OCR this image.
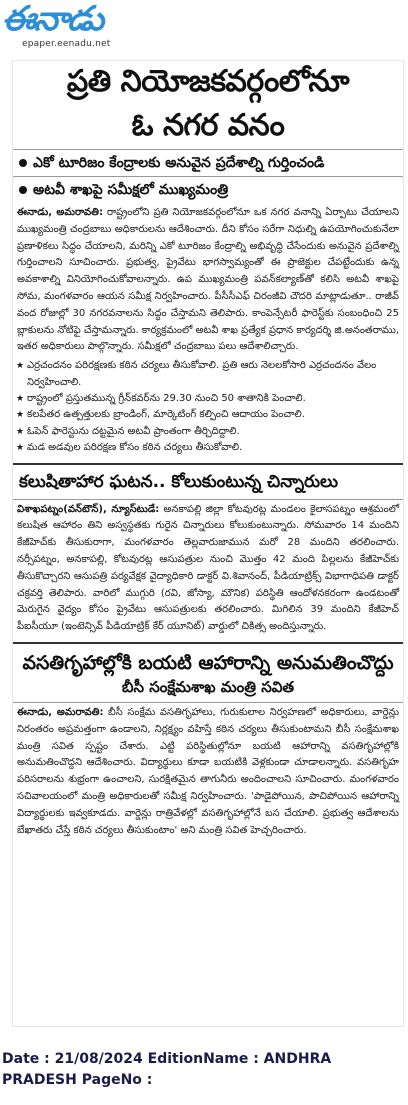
ఈనాడు
epaper.eenadu.net
ప్రతి నియోజకవర్గంలోనూ
ఓ నగర వనం
ఎకో టూరిజం కేంద్రాలకు అనువైన ప్రదేశాల్ని గుర్తించండి
అటవీ శాఖపై సమీక్షలో ముఖ్యమంత్రి
ఈనాడు, అమరావతి: రాష్ట్రంలోని ప్రతి నియోజకవర్గంలోనూ ఒక నగర వనాన్ని ఏర్పాటు చేయాలని ముఖ్యమంత్రి చంద్రబాబు అధికారులను ఆదేశించారు. దీని కోసం సరేగా నిధుల్ని ఉపయోగించుకునేలా ప్రణాళికలు సిద్ధం చేయాలని, మరిన్ని ఎకో టూరిజం కేంద్రాల్ని అభివృద్ధి చేసేందుకు అనువైన ప్రదేశాల్ని గుర్తించాలని సూచించారు. ప్రభుత్వ, ప్రైవేటు భాగస్వామ్యంతో ఈ ప్రాజెక్టుల చేపట్టేందుకు ఉన్న అవకాశాల్ని వినియోగించుకోవాలన్నారు. ఉప ముఖ్యమంత్రి పవన్‌కల్యాణ్‌తో కలిసి అటవీ శాఖపై సోమ, మంగళవారం ఆయన సమీక్ష నిర్వహించారు. పీసీసీఎఫ్ చిరంజీవి చౌదరి మాట్లాడుతూ.. రాజీవ్ వంద రోజుల్లో 30 నగరవనాలను సిద్ధం చేస్తామని తెలిపారు. కాంపెన్సేటరీ ఫారెస్ట్‌కు సంబంధించి 25 బ్లాకులను నోటిఫై చేస్తామన్నారు. కార్యక్రమంలో అటవీ శాఖ ప్రత్యేక ప్రధాన కార్యదర్శి జి.అనంతరాము, ఇతర అధికారులు పాల్గొన్నారు. సమీక్షలో చంద్రబాబు పలు ఆదేశాలిచ్చారు.
★ ఎర్రచందనం పరిరక్షణకు కఠిన చర్యలు తీసుకోవాలి. ప్రతి ఆరు నెలలకోసారి ఎర్రచందనం వేలం నిర్వహించాలి.
★ రాష్ట్రంలో ప్రస్తుతమున్న గ్రీన్‌కవర్‌ను 29.30 నుంచి 50 శాతానికి పెంచాలి.
★ కలపేతర ఉత్పత్తులకు బ్రాండింగ్, మార్కెటింగ్ కల్పించి ఆదాయం పెంచాలి.
★ ఓపెన్ ఫారెస్టును దట్టమైన అటవీ ప్రాంతంగా తీర్చిదిద్దాలి.
★ మడ అడవుల పరిరక్షణ కోసం కఠిన చర్యలు తీసుకోవాలి.
కలుషితాహార ఘటన.. కోలుకుంటున్న చిన్నారులు
విశాఖపట్నం(వన్‌టౌన్), న్యూస్‌టుడే: అనకాపల్లి జిల్లా కోటవురట్ల మండలం కైలాసపట్నం ఆశ్రమంలో కలుషిత ఆహారం తిని అస్వస్థతకు గురైన చిన్నారులు కోలుకుంటున్నారు. సోమవారం 14 మందిని కేజీహెచ్‌కు తీసుకురాగా, మంగళవారం తెల్లవారుజామున మరో 28 మందిని తరలించారు. నర్సీపట్నం, అనకాపల్లి, కోటవురట్ల ఆసుపత్రుల నుంచి మొత్తం 42 మంది పిల్లలను కేజీహెచ్‌కు తీసుకొచ్చారని ఆసుపత్రి పర్యవేక్షక వైద్యాధికారి డాక్టర్ వి.శివానంద్, పీడియాట్రిక్స్ విభాగాధిపతి డాక్టర్ చక్రవర్తి తెలిపారు. వారిలో ముగ్గురి (రవి, జోస్యా, మౌనిక) పరిస్థితి ఆందోళనకరంగా ఉండటంతో మెరుగైన వైద్యం కోసం ప్రైవేటు ఆసుపత్రులకు తరలించారు. మిగిలిన 39 మందిని కేజీహెచ్ పీఐసీయూ (ఇంటెన్సివ్ పీడియాట్రిక్ కేర్ యూనిట్) వార్డులో చికిత్స అందిస్తున్నారు.
వసతిగృహాల్లోకి బయటి ఆహారాన్ని అనుమతించొద్దు
బీసీ సంక్షేమశాఖ మంత్రి సవిత
ఈనాడు, అమరావతి: బీసీ సంక్షేమ వసతిగృహాలు, గురుకులాల నిర్వహణలో అధికారులు, వార్డెన్లు నిరంతరం అప్రమత్తంగా ఉండాలని, నిర్లక్ష్యం వహిస్తే కఠిన చర్యలు తీసుకుంటామని బీసీ సంక్షేమశాఖ మంత్రి సవిత స్పష్టం చేశారు. ఎట్టి పరిస్థితుల్లోనూ బయటి ఆహారాన్ని వసతిగృహాల్లోకి అనుమతించొద్దని ఆదేశించారు. విద్యార్థులు కూడా బయటికి వెళ్లకుండా చూడాలన్నారు. వసతిగృహ పరిసరాలను శుభ్రంగా ఉంచాలని, సురక్షితమైన తాగునీరు అందించాలని సూచించారు. మంగళవారం సచివాలయంలో మంత్రి అధికారులతో సమీక్ష నిర్వహించారు. 'పాడైపోయిన, పాచిపోయిన ఆహారాన్ని విద్యార్థులకు ఇవ్వకూడదు. వార్డెన్లు రాత్రివేళల్లో వసతిగృహాల్లోనే బస చేయాలి. ప్రభుత్వ ఆదేశాలను బేఖాతరు చేస్తే కఠిన చర్యలు తీసుకుంటాం' అని మంత్రి సవిత హెచ్చరించారు.
Date : 21/08/2024 EditionName : ANDHRA
PRADESH PageNo :
